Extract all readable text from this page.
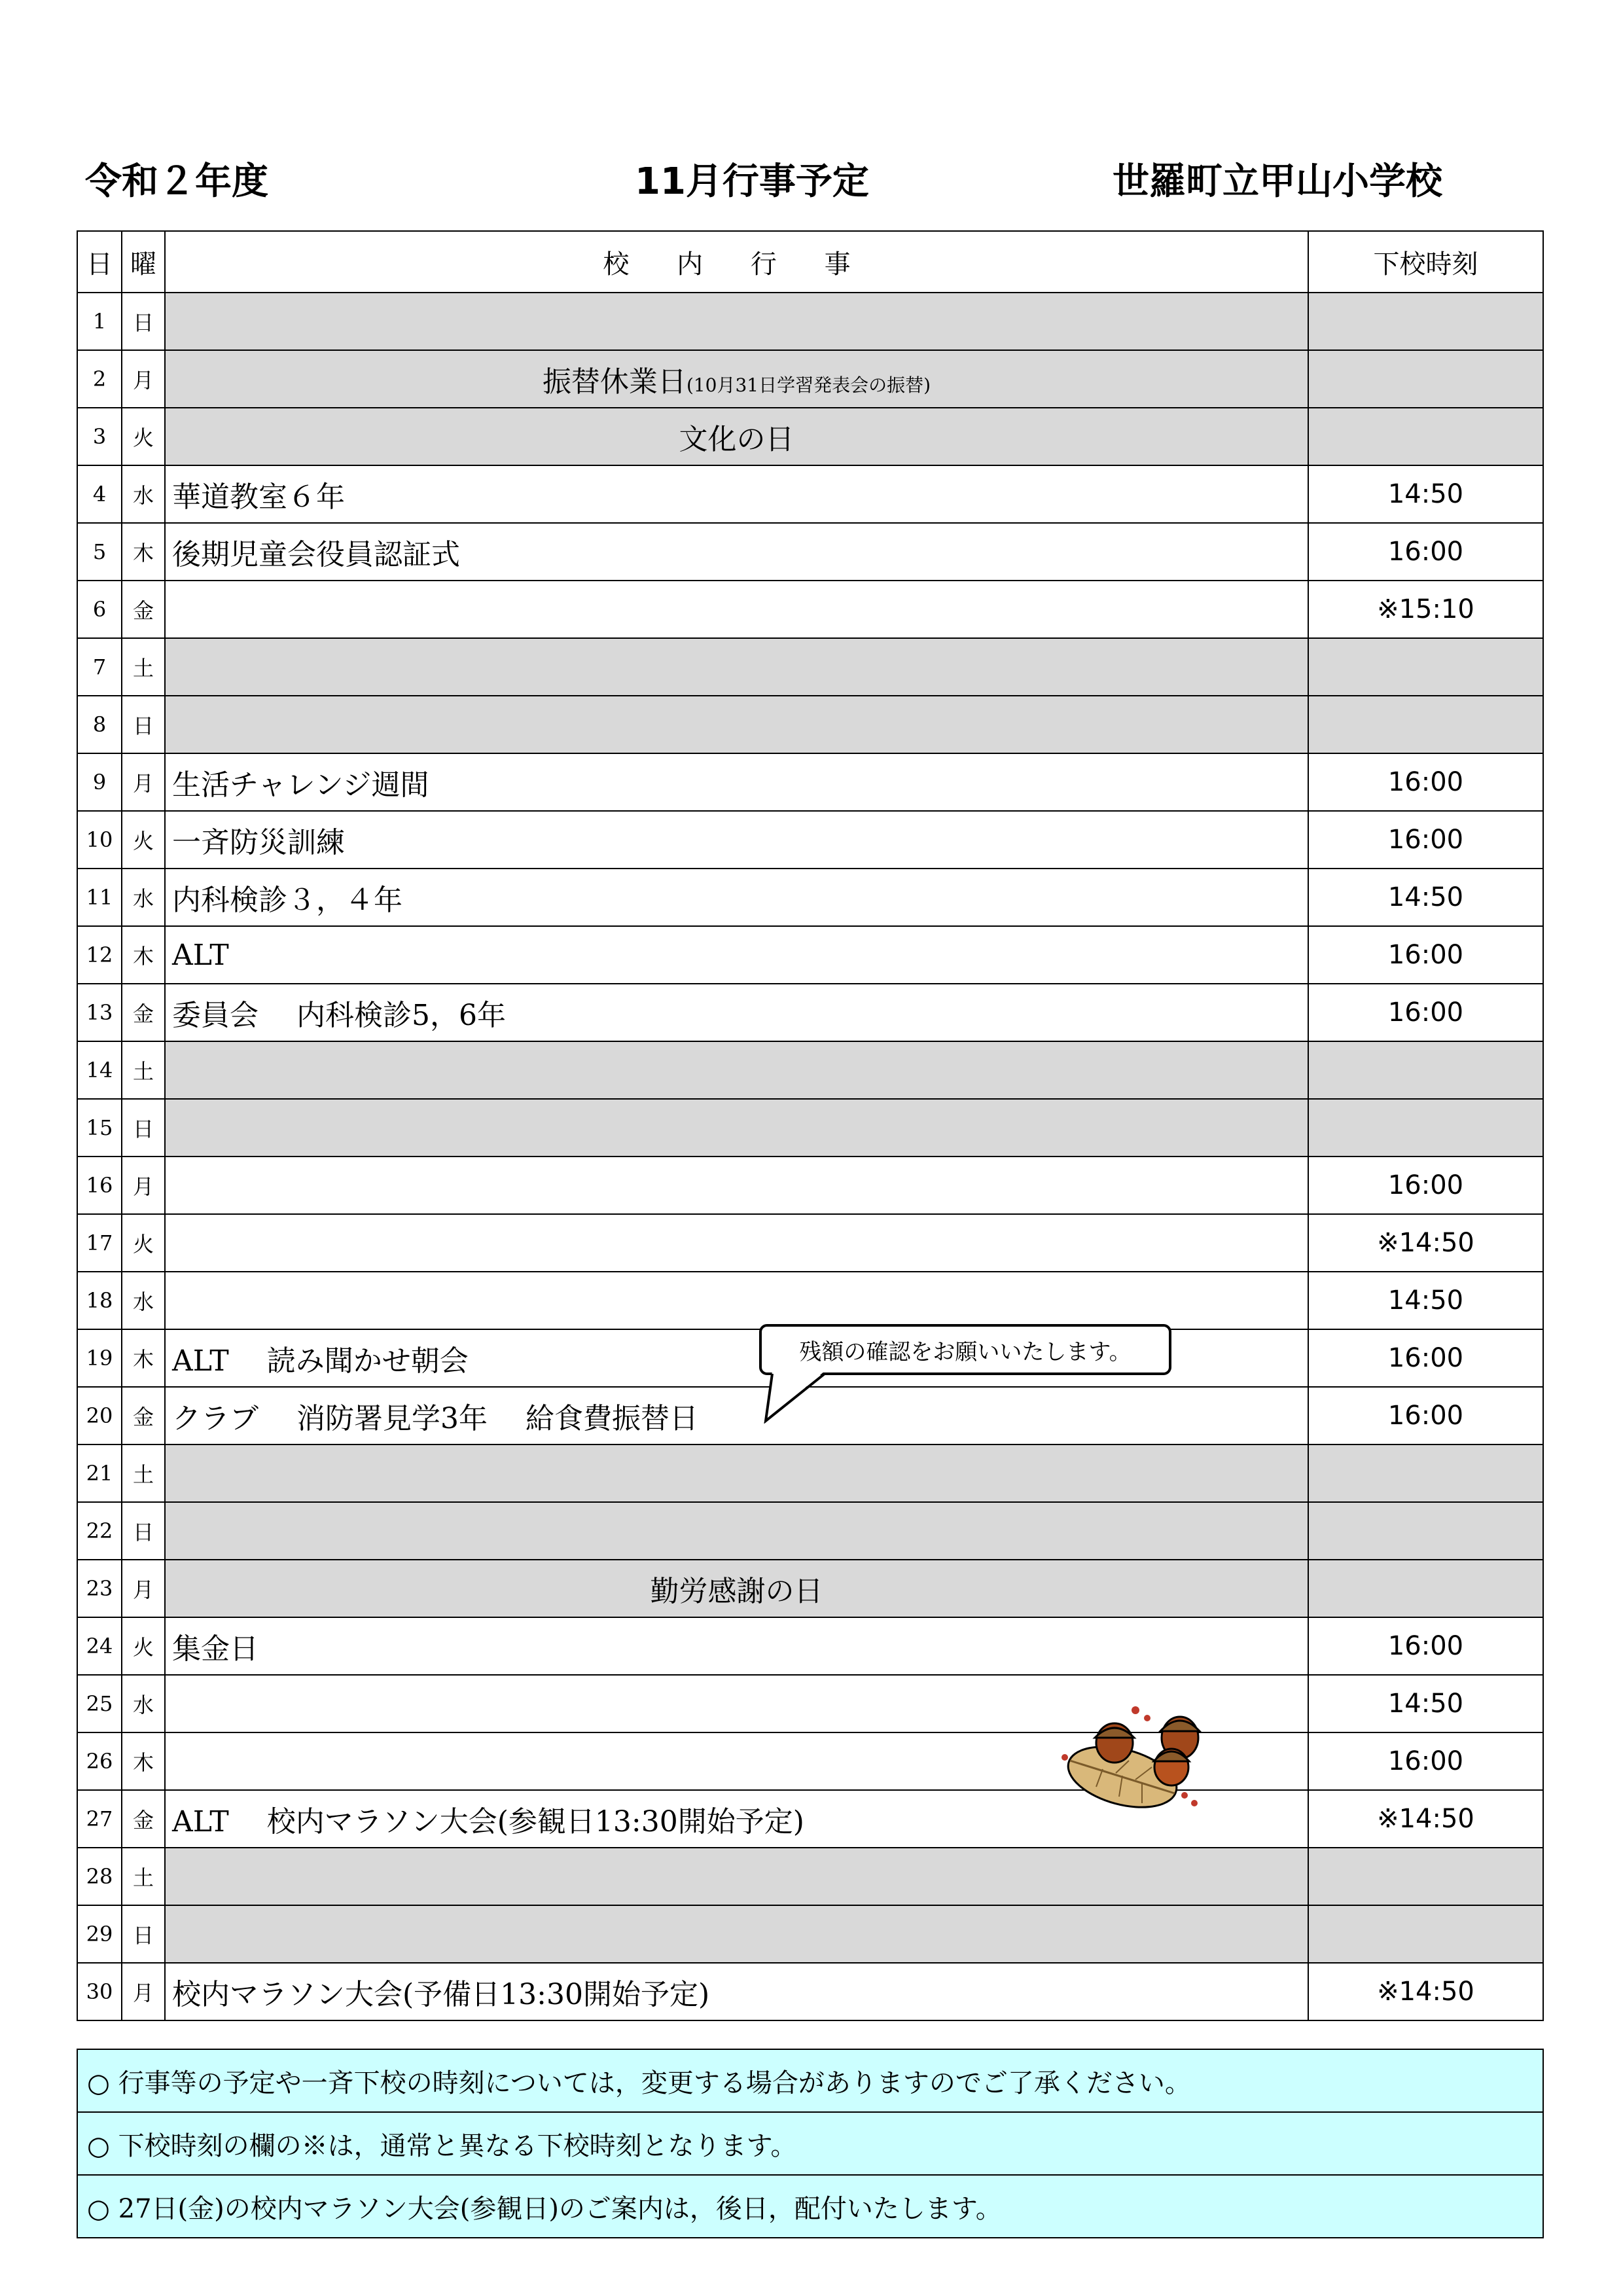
令和２年度	11月行事予定	世羅町立甲山小学校
日	曜	校 内 行 事	下校時刻
1	日		
2	月	振替休業日(10月31日学習発表会の振替)	
3	火	文化の日	
4	水	華道教室６年	14:50
5	木	後期児童会役員認証式	16:00
6	金		※15:10
7	土		
8	日		
9	月	生活チャレンジ週間	16:00
10	火	一斉防災訓練	16:00
11	水	内科検診３，４年	14:50
12	木	ALT	16:00
13	金	委員会　 内科検診5，6年	16:00
14	土		
15	日		
16	月		16:00
17	火		※14:50
18	水		14:50
19	木	ALT　 読み聞かせ朝会	16:00
20	金	クラブ　 消防署見学3年　 給食費振替日	16:00
21	土		
22	日		
23	月	勤労感謝の日	
24	火	集金日	16:00
25	水		14:50
26	木		16:00
27	金	ALT　 校内マラソン大会(参観日13:30開始予定)	※14:50
28	土		
29	日		
30	月	校内マラソン大会(予備日13:30開始予定)	※14:50
○ 行事等の予定や一斉下校の時刻については，変更する場合がありますのでご了承ください。
○ 下校時刻の欄の※は，通常と異なる下校時刻となります。
○ 27日(金)の校内マラソン大会(参観日)のご案内は，後日，配付いたします。
残額の確認をお願いいたします。
